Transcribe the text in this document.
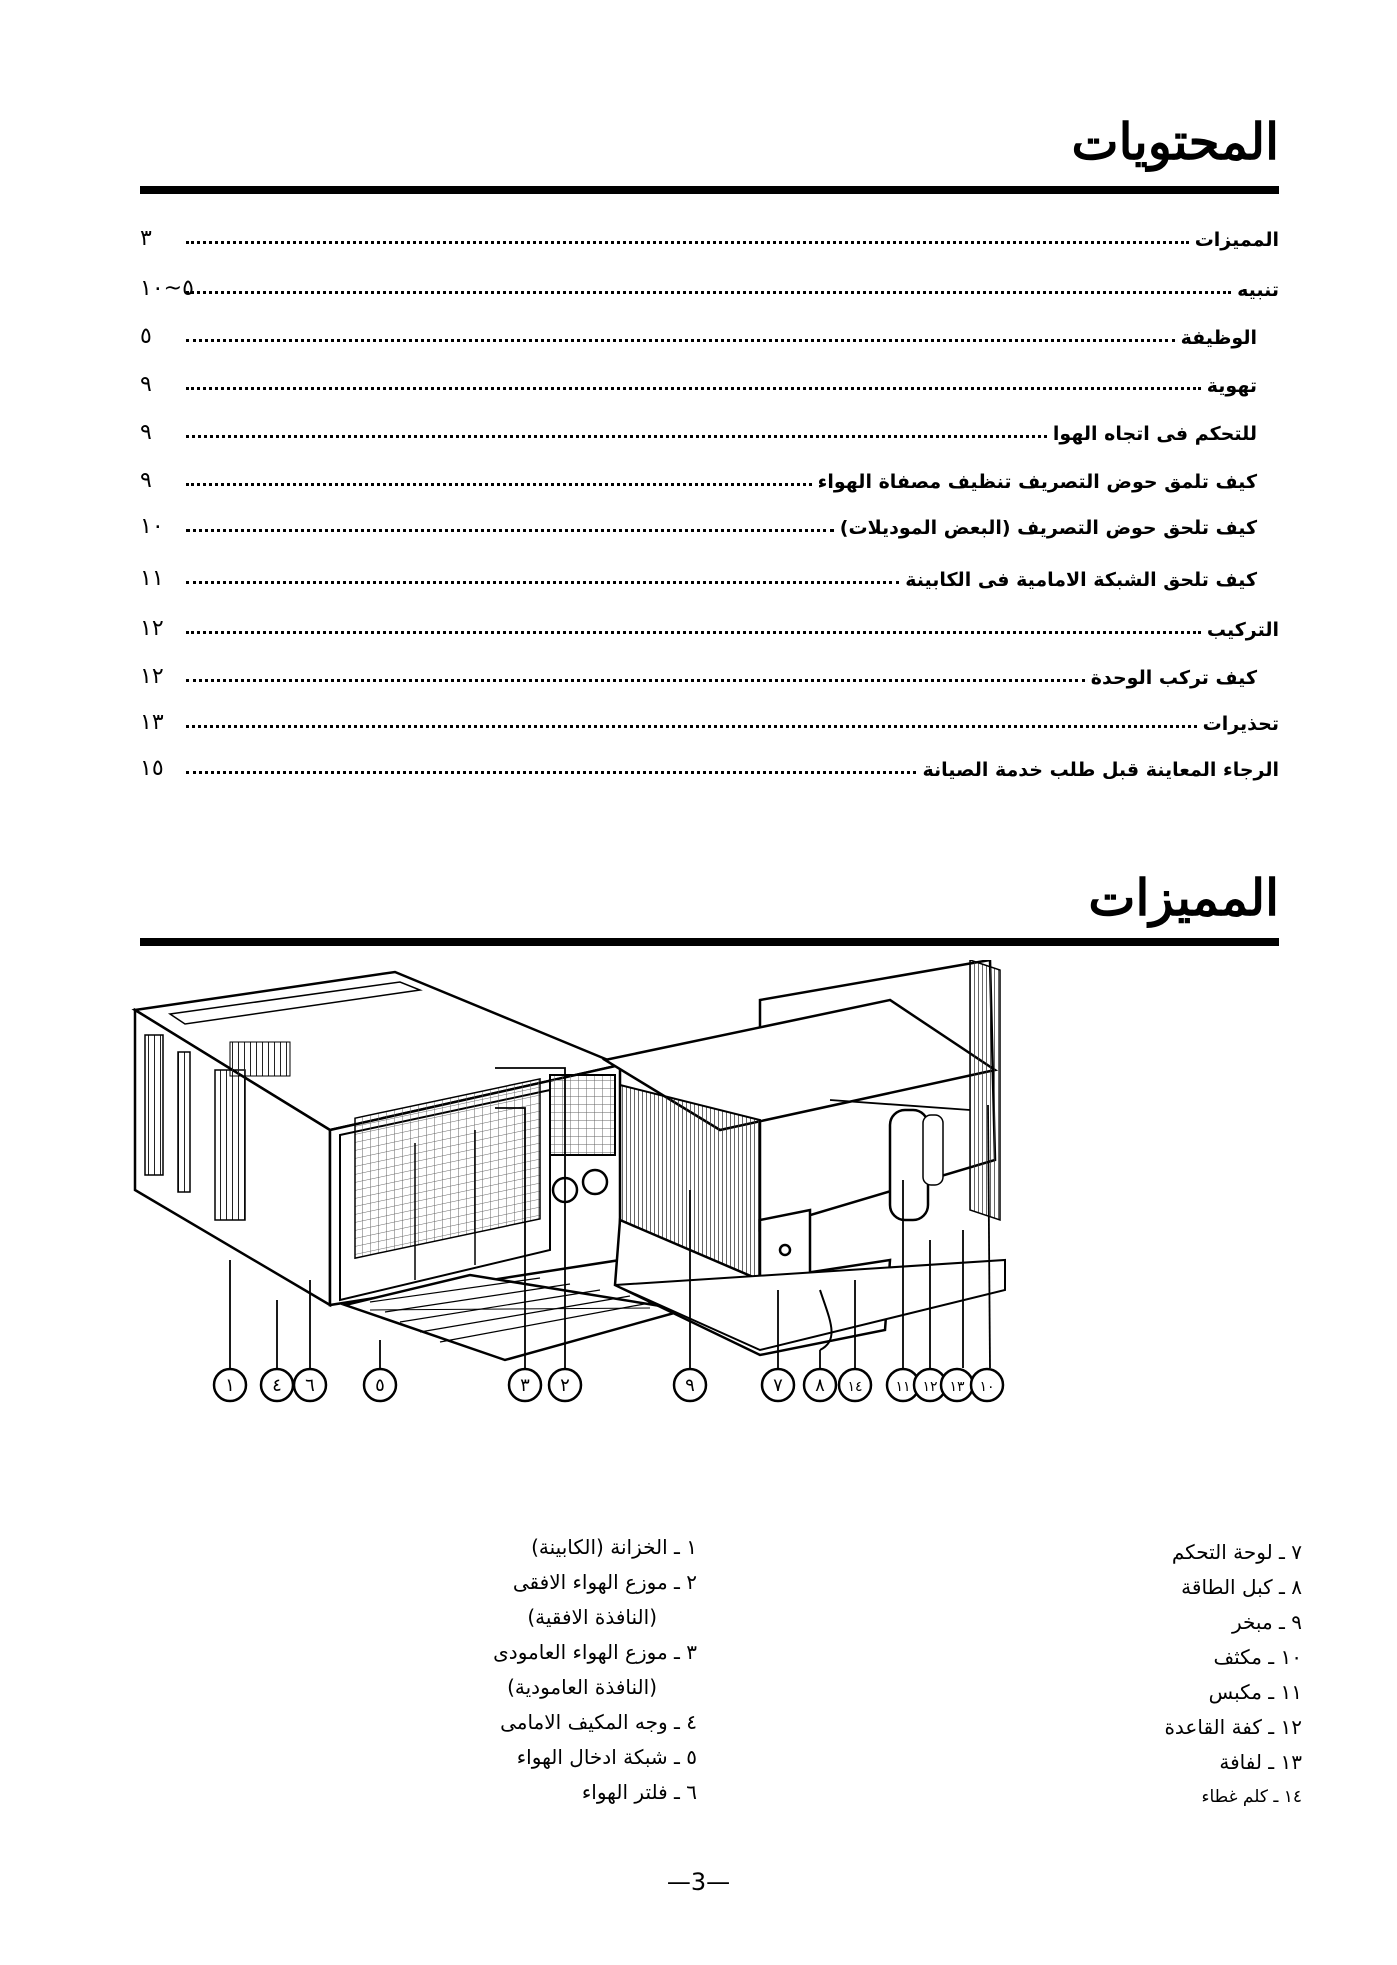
المحتويات
٣	المميزات
٥~١٠	تنبيه
٥	الوظيفة
٩	تهوية
٩	للتحكم فى اتجاه الهوا
٩	كيف تلمق حوض التصريف تنظيف مصفاة الهواء
١٠	كيف تلحق حوض التصريف (البعض الموديلات)
١١	كيف تلحق الشبكة الامامية فى الكابينة
١٢	التركيب
١٢	كيف تركب الوحدة
١٣	تحذيرات
١٥	الرجاء المعاينة قبل طلب خدمة الصيانة
المميزات
١ ٤ ٦	٥	٣ ٢	٩	٧ ٨ ١٤ ١١ ١٢ ١٣ ١٠
٧ ـ لوحة التحكم
٨ ـ كبل الطاقة
٩ ـ مبخر
١٠ ـ مكثف
١١ ـ مكبس
١٢ ـ كفة القاعدة
١٣ ـ لفافة
١٤ ـ كلم غطاء
١ ـ الخزانة (الكابينة)
٢ ـ موزع الهواء الافقى
(النافذة الافقية)
٣ ـ موزع الهواء العامودى
(النافذة العامودية)
٤ ـ وجه المكيف الامامى
٥ ـ شبكة ادخال الهواء
٦ ـ فلتر الهواء
—3—
